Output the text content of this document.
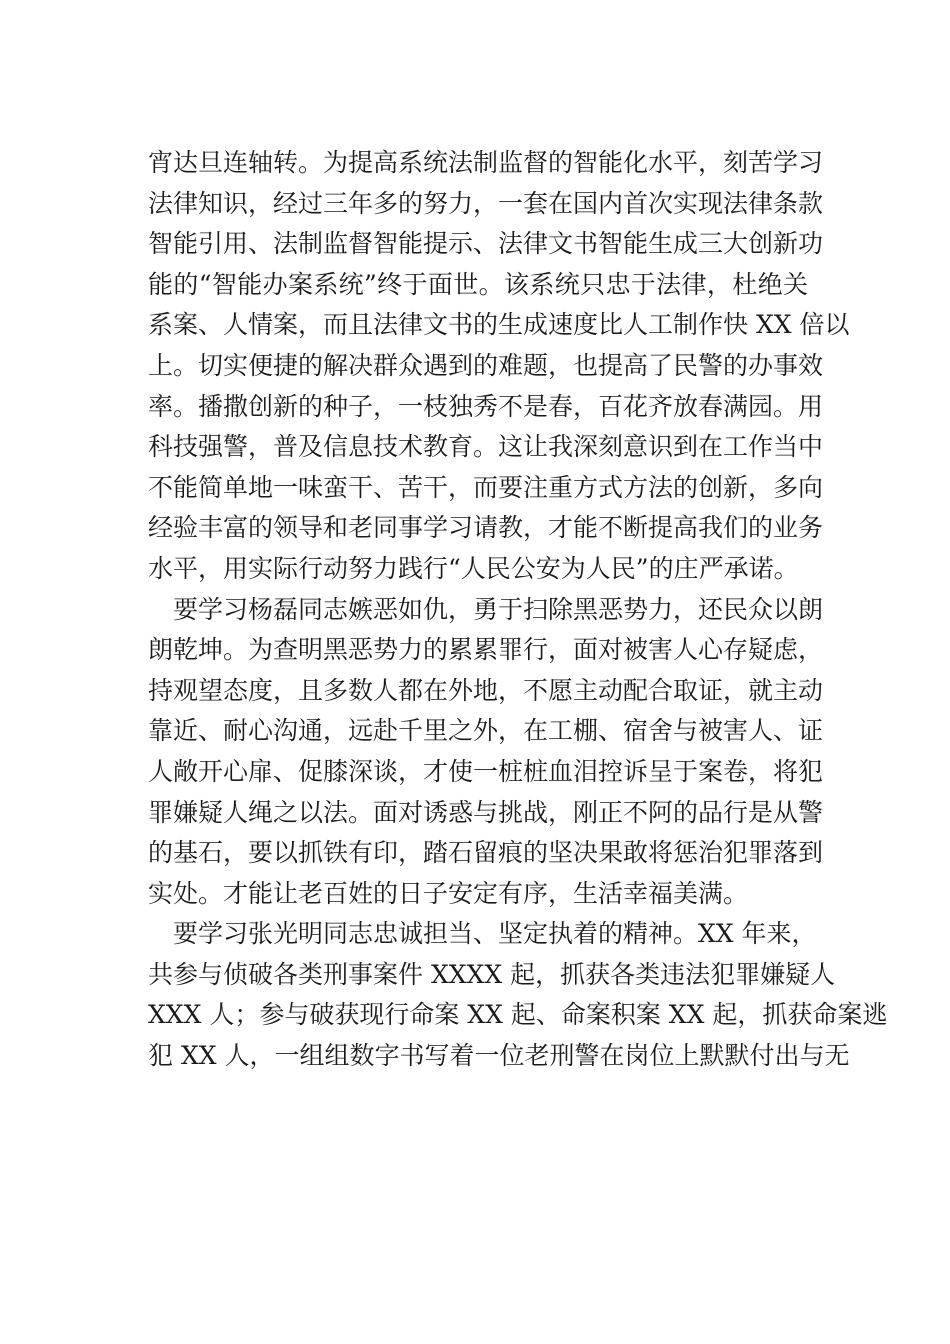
宵达旦连轴转。为提高系统法制监督的智能化水平，刻苦学习
法律知识，经过三年多的努力，一套在国内首次实现法律条款
智能引用、法制监督智能提示、法律文书智能生成三大创新功
能的“智能办案系统”终于面世。该系统只忠于法律，杜绝关
系案、人情案，而且法律文书的生成速度比人工制作快 XX 倍以
上。切实便捷的解决群众遇到的难题，也提高了民警的办事效
率。播撒创新的种子，一枝独秀不是春，百花齐放春满园。用
科技强警，普及信息技术教育。这让我深刻意识到在工作当中
不能简单地一味蛮干、苦干，而要注重方式方法的创新，多向
经验丰富的领导和老同事学习请教，才能不断提高我们的业务
水平，用实际行动努力践行“人民公安为人民”的庄严承诺。
要学习杨磊同志嫉恶如仇，勇于扫除黑恶势力，还民众以朗
朗乾坤。为查明黑恶势力的累累罪行，面对被害人心存疑虑，
持观望态度，且多数人都在外地，不愿主动配合取证，就主动
靠近、耐心沟通，远赴千里之外，在工棚、宿舍与被害人、证
人敞开心扉、促膝深谈，才使一桩桩血泪控诉呈于案卷，将犯
罪嫌疑人绳之以法。面对诱惑与挑战，刚正不阿的品行是从警
的基石，要以抓铁有印，踏石留痕的坚决果敢将惩治犯罪落到
实处。才能让老百姓的日子安定有序，生活幸福美满。
要学习张光明同志忠诚担当、坚定执着的精神。XX 年来，
共参与侦破各类刑事案件 XXXX 起，抓获各类违法犯罪嫌疑人
XXX 人；参与破获现行命案 XX 起、命案积案 XX 起，抓获命案逃
犯 XX 人，一组组数字书写着一位老刑警在岗位上默默付出与无
